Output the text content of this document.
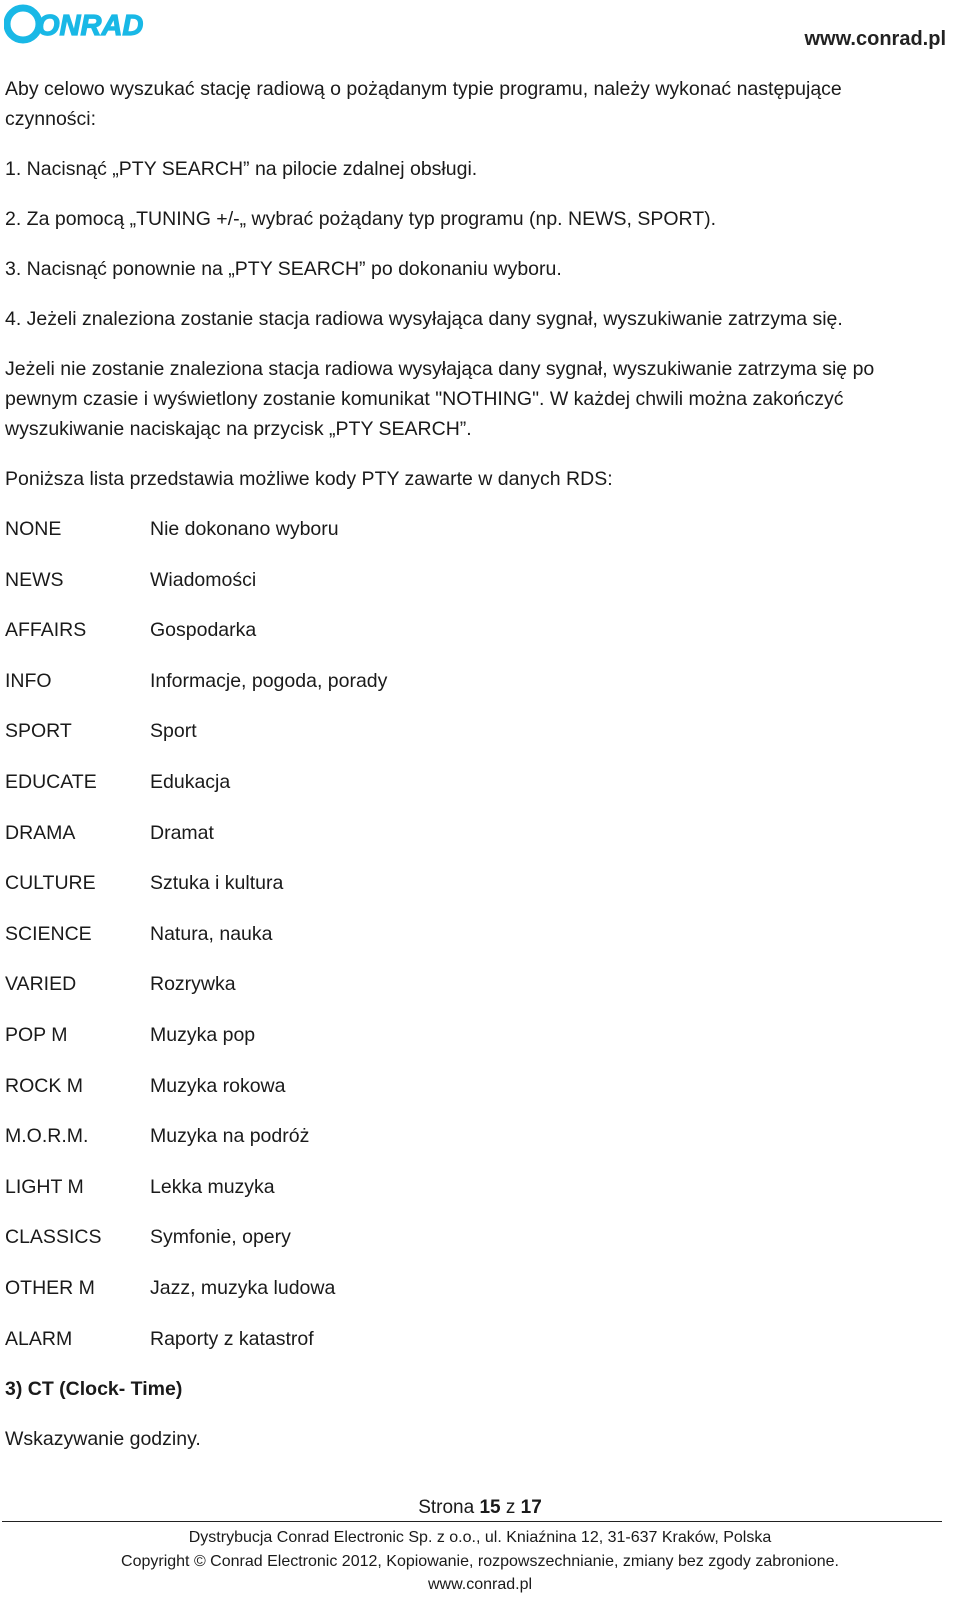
ONRAD	www.conrad.pl

Aby celowo wyszukać stację radiową o pożądanym typie programu, należy wykonać następujące czynności:

1. Nacisnąć „PTY SEARCH” na pilocie zdalnej obsługi.

2. Za pomocą „TUNING +/-„ wybrać pożądany typ programu (np. NEWS, SPORT).

3. Nacisnąć ponownie na „PTY SEARCH” po dokonaniu wyboru.

4. Jeżeli znaleziona zostanie stacja radiowa wysyłająca dany sygnał, wyszukiwanie zatrzyma się.

Jeżeli nie zostanie znaleziona stacja radiowa wysyłająca dany sygnał, wyszukiwanie zatrzyma się po pewnym czasie i wyświetlony zostanie komunikat "NOTHING". W każdej chwili można zakończyć wyszukiwanie naciskając na przycisk „PTY SEARCH”.

Poniższa lista przedstawia możliwe kody PTY zawarte w danych RDS:

NONE	Nie dokonano wyboru
NEWS	Wiadomości
AFFAIRS	Gospodarka
INFO	Informacje, pogoda, porady
SPORT	Sport
EDUCATE	Edukacja
DRAMA	Dramat
CULTURE	Sztuka i kultura
SCIENCE	Natura, nauka
VARIED	Rozrywka
POP M	Muzyka pop
ROCK M	Muzyka rokowa
M.O.R.M.	Muzyka na podróż
LIGHT M	Lekka muzyka
CLASSICS	Symfonie, opery
OTHER M	Jazz, muzyka ludowa
ALARM	Raporty z katastrof

3) CT (Clock- Time)

Wskazywanie godziny.

Strona 15 z 17
Dystrybucja Conrad Electronic Sp. z o.o., ul. Kniaźnina 12, 31-637 Kraków, Polska
Copyright © Conrad Electronic 2012, Kopiowanie, rozpowszechnianie, zmiany bez zgody zabronione.
www.conrad.pl
